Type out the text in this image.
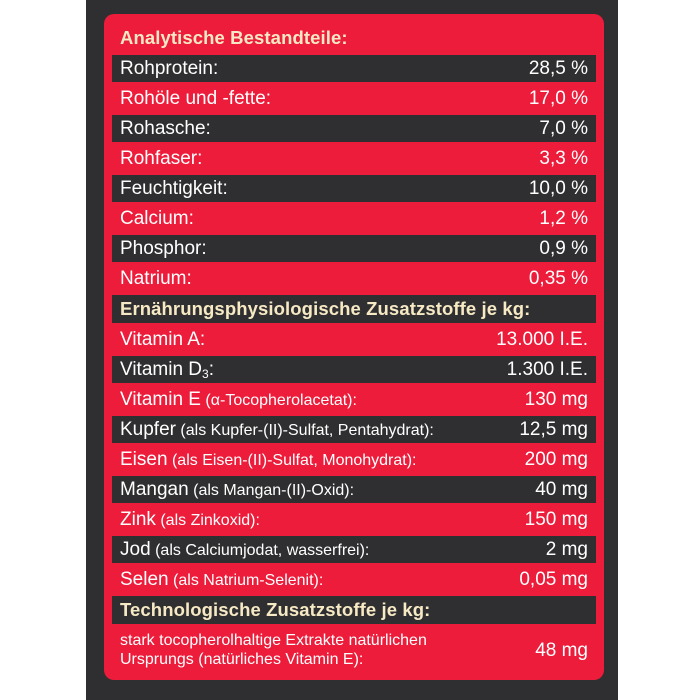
Analytische Bestandteile:
Rohprotein:	28,5 %
Rohöle und -fette:	17,0 %
Rohasche:	7,0 %
Rohfaser:	3,3 %
Feuchtigkeit:	10,0 %
Calcium:	1,2 %
Phosphor:	0,9 %
Natrium:	0,35 %
Ernährungsphysiologische Zusatzstoffe je kg:
Vitamin A:	13.000 I.E.
Vitamin $D_3$:	1.300 I.E.
Vitamin E (α-Tocopherolacetat):	130 mg
Kupfer (als Kupfer-(II)-Sulfat, Pentahydrat):	12,5 mg
Eisen (als Eisen-(II)-Sulfat, Monohydrat):	200 mg
Mangan (als Mangan-(II)-Oxid):	40 mg
Zink (als Zinkoxid):	150 mg
Jod (als Calciumjodat, wasserfrei):	2 mg
Selen (als Natrium-Selenit):	0,05 mg
Technologische Zusatzstoffe je kg:
stark tocopherolhaltige Extrakte natürlichen Ursprungs (natürliches Vitamin E):	48 mg
